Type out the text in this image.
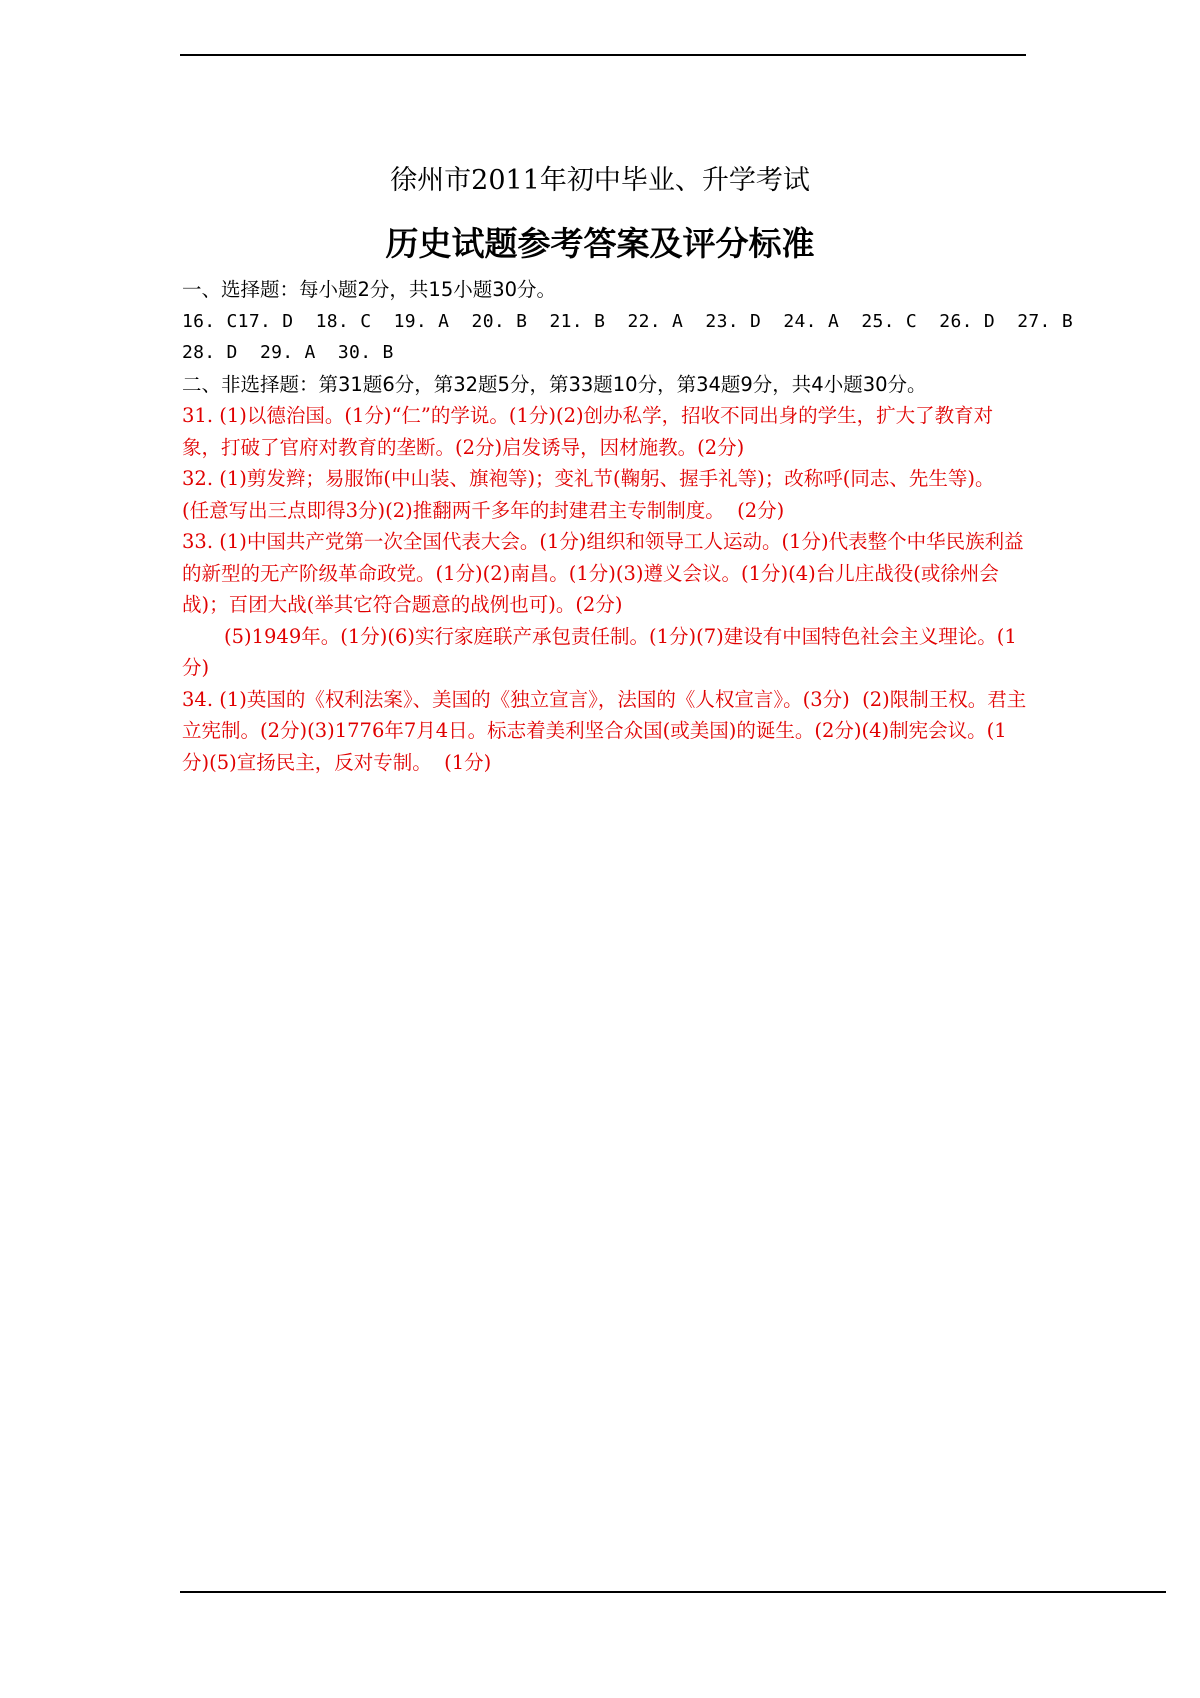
徐州市2011年初中毕业、升学考试
历史试题参考答案及评分标准

一、选择题：每小题2分，共15小题30分。

16. C17. D  18. C  19. A  20. B  21. B  22. A  23. D  24. A  25. C  26. D  27. B

28. D  29. A  30. B

二、非选择题：第31题6分，第32题5分，第33题10分，第34题9分，共4小题30分。

31. (1)以德治国。(1分)“仁”的学说。(1分)(2)创办私学，招收不同出身的学生，扩大了教育对象，打破了官府对教育的垄断。(2分)启发诱导，因材施教。(2分)

32. (1)剪发辫；易服饰(中山装、旗袍等)；变礼节(鞠躬、握手礼等)；改称呼(同志、先生等)。  (任意写出三点即得3分)(2)推翻两千多年的封建君主专制制度。  (2分)

33. (1)中国共产党第一次全国代表大会。(1分)组织和领导工人运动。(1分)代表整个中华民族利益的新型的无产阶级革命政党。(1分)(2)南昌。(1分)(3)遵义会议。(1分)(4)台儿庄战役(或徐州会战)；百团大战(举其它符合题意的战例也可)。(2分)

(5)1949年。(1分)(6)实行家庭联产承包责任制。(1分)(7)建设有中国特色社会主义理论。(1分)

34. (1)英国的《权利法案》、美国的《独立宣言》，法国的《人权宣言》。(3分)  (2)限制王权。君主立宪制。(2分)(3)1776年7月4日。标志着美利坚合众国(或美国)的诞生。(2分)(4)制宪会议。(1分)(5)宣扬民主，反对专制。  (1分)
